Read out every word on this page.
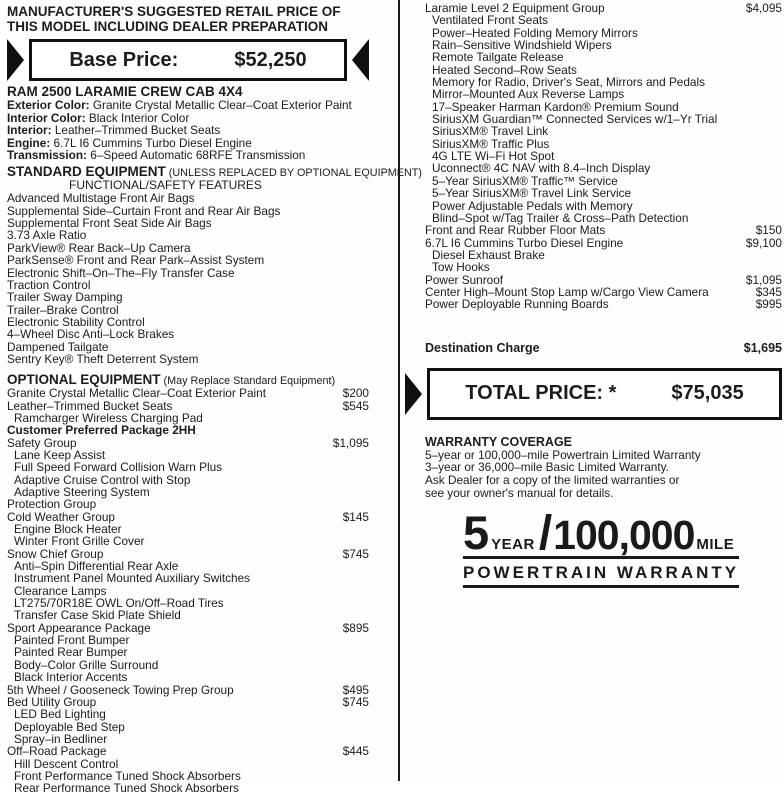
MANUFACTURER'S SUGGESTED RETAIL PRICE OF
THIS MODEL INCLUDING DEALER PREPARATION
Base Price:	$52,250
RAM 2500 LARAMIE CREW CAB 4X4
Exterior Color: Granite Crystal Metallic Clear–Coat Exterior Paint
Interior Color: Black Interior Color
Interior: Leather–Trimmed Bucket Seats
Engine: 6.7L I6 Cummins Turbo Diesel Engine
Transmission: 6–Speed Automatic 68RFE Transmission
STANDARD EQUIPMENT (UNLESS REPLACED BY OPTIONAL EQUIPMENT)
FUNCTIONAL/SAFETY FEATURES
Advanced Multistage Front Air Bags
Supplemental Side–Curtain Front and Rear Air Bags
Supplemental Front Seat Side Air Bags
3.73 Axle Ratio
ParkView® Rear Back–Up Camera
ParkSense® Front and Rear Park–Assist System
Electronic Shift–On–The–Fly Transfer Case
Traction Control
Trailer Sway Damping
Trailer–Brake Control
Electronic Stability Control
4–Wheel Disc Anti–Lock Brakes
Dampened Tailgate
Sentry Key® Theft Deterrent System
OPTIONAL EQUIPMENT (May Replace Standard Equipment)
Granite Crystal Metallic Clear–Coat Exterior Paint	$200
Leather–Trimmed Bucket Seats	$545
Ramcharger Wireless Charging Pad
Customer Preferred Package 2HH
Safety Group	$1,095
Lane Keep Assist
Full Speed Forward Collision Warn Plus
Adaptive Cruise Control with Stop
Adaptive Steering System
Protection Group
Cold Weather Group	$145
Engine Block Heater
Winter Front Grille Cover
Snow Chief Group	$745
Anti–Spin Differential Rear Axle
Instrument Panel Mounted Auxiliary Switches
Clearance Lamps
LT275/70R18E OWL On/Off–Road Tires
Transfer Case Skid Plate Shield
Sport Appearance Package	$895
Painted Front Bumper
Painted Rear Bumper
Body–Color Grille Surround
Black Interior Accents
5th Wheel / Gooseneck Towing Prep Group	$495
Bed Utility Group	$745
LED Bed Lighting
Deployable Bed Step
Spray–in Bedliner
Off–Road Package	$445
Hill Descent Control
Front Performance Tuned Shock Absorbers
Rear Performance Tuned Shock Absorbers
Laramie Level 2 Equipment Group	$4,095
Ventilated Front Seats
Power–Heated Folding Memory Mirrors
Rain–Sensitive Windshield Wipers
Remote Tailgate Release
Heated Second–Row Seats
Memory for Radio, Driver's Seat, Mirrors and Pedals
Mirror–Mounted Aux Reverse Lamps
17–Speaker Harman Kardon® Premium Sound
SiriusXM Guardian™ Connected Services w/1–Yr Trial
SiriusXM® Travel Link
SiriusXM® Traffic Plus
4G LTE Wi–Fi Hot Spot
Uconnect® 4C NAV with 8.4–Inch Display
5–Year SiriusXM® Traffic™ Service
5–Year SiriusXM® Travel Link Service
Power Adjustable Pedals with Memory
Blind–Spot w/Tag Trailer & Cross–Path Detection
Front and Rear Rubber Floor Mats	$150
6.7L I6 Cummins Turbo Diesel Engine	$9,100
Diesel Exhaust Brake
Tow Hooks
Power Sunroof	$1,095
Center High–Mount Stop Lamp w/Cargo View Camera	$345
Power Deployable Running Boards	$995
Destination Charge	$1,695
TOTAL PRICE: *	$75,035
WARRANTY COVERAGE
5–year or 100,000–mile Powertrain Limited Warranty
3–year or 36,000–mile Basic Limited Warranty.
Ask Dealer for a copy of the limited warranties or
see your owner's manual for details.
5 YEAR / 100,000 MILE
POWERTRAIN WARRANTY
